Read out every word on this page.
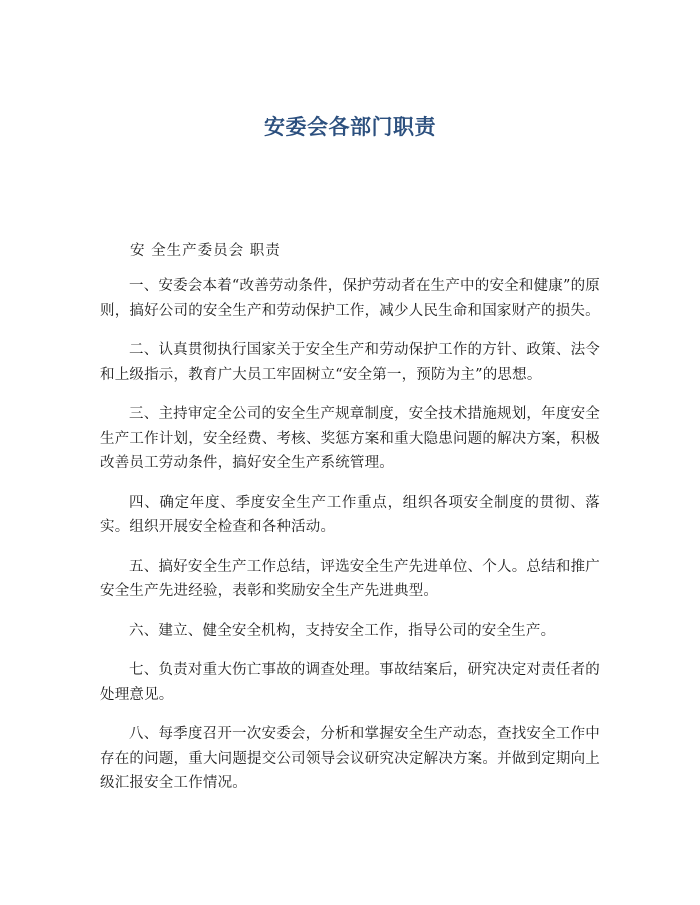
安委会各部门职责
安 全生产委员会 职责

一、安委会本着“改善劳动条件，保护劳动者在生产中的安全和健康”的原则，搞好公司的安全生产和劳动保护工作，减少人民生命和国家财产的损失。

二、认真贯彻执行国家关于安全生产和劳动保护工作的方针、政策、法令和上级指示，教育广大员工牢固树立“安全第一，预防为主”的思想。

三、主持审定全公司的安全生产规章制度，安全技术措施规划，年度安全生产工作计划，安全经费、考核、奖惩方案和重大隐患问题的解决方案，积极改善员工劳动条件，搞好安全生产系统管理。

四、确定年度、季度安全生产工作重点，组织各项安全制度的贯彻、落实。组织开展安全检查和各种活动。

五、搞好安全生产工作总结，评选安全生产先进单位、个人。总结和推广安全生产先进经验，表彰和奖励安全生产先进典型。

六、建立、健全安全机构，支持安全工作，指导公司的安全生产。

七、负责对重大伤亡事故的调查处理。事故结案后，研究决定对责任者的处理意见。

八、每季度召开一次安委会，分析和掌握安全生产动态，查找安全工作中存在的问题，重大问题提交公司领导会议研究决定解决方案。并做到定期向上级汇报安全工作情况。
